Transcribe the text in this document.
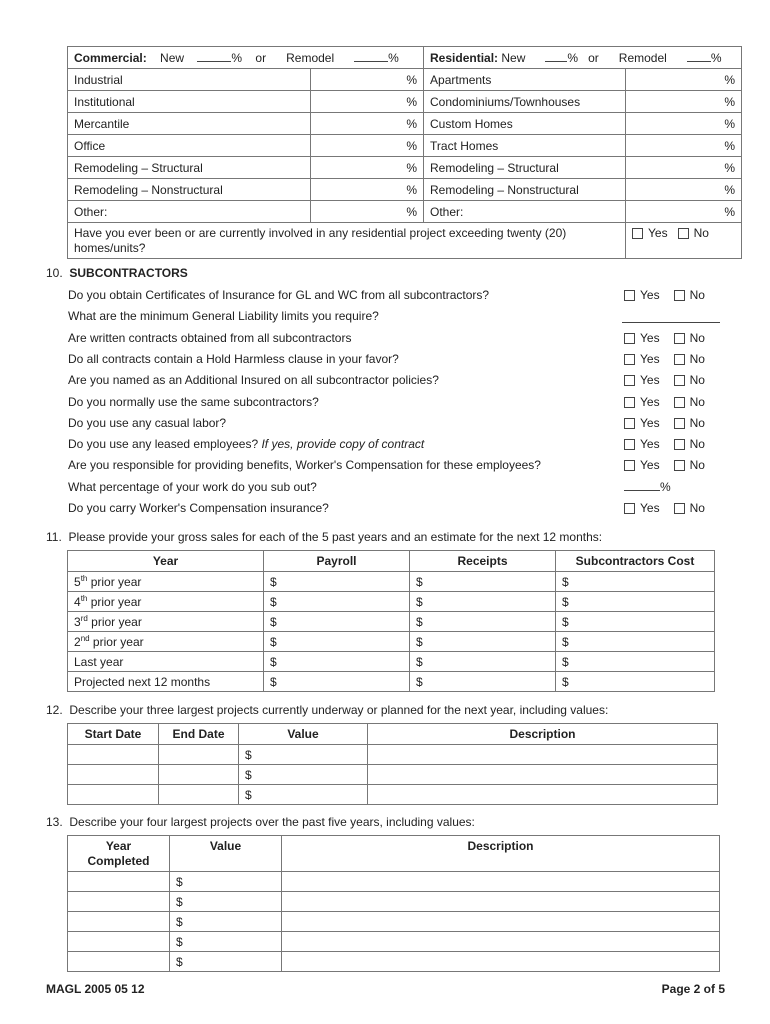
Commercial: New % or Remodel %		Residential: New % or Remodel %	
Industrial	%	Apartments	%
Institutional	%	Condominiums/Townhouses	%
Mercantile	%	Custom Homes	%
Office	%	Tract Homes	%
Remodeling – Structural	%	Remodeling – Structural	%
Remodeling – Nonstructural	%	Remodeling – Nonstructural	%
Other:	%	Other:	%
Have you ever been or are currently involved in any residential project exceeding twenty (20)
homes/units?			Yes No
10. SUBCONTRACTORS
Do you obtain Certificates of Insurance for GL and WC from all subcontractors?	Yes	No
What are the minimum General Liability limits you require?
Are written contracts obtained from all subcontractors	Yes	No
Do all contracts contain a Hold Harmless clause in your favor?	Yes	No
Are you named as an Additional Insured on all subcontractor policies?	Yes	No
Do you normally use the same subcontractors?	Yes	No
Do you use any casual labor?	Yes	No
Do you use any leased employees? If yes, provide copy of contract	Yes	No
Are you responsible for providing benefits, Worker's Compensation for these employees?	Yes	No
What percentage of your work do you sub out?	%
Do you carry Worker's Compensation insurance?	Yes	No
11. Please provide your gross sales for each of the 5 past years and an estimate for the next 12 months:
Year	Payroll	Receipts	Subcontractors Cost
5th prior year	$	$	$
4th prior year	$	$	$
3rd prior year	$	$	$
2nd prior year	$	$	$
Last year	$	$	$
Projected next 12 months	$	$	$
12. Describe your three largest projects currently underway or planned for the next year, including values:
Start Date	End Date	Value	Description
		$	
		$	
		$	
13. Describe your four largest projects over the past five years, including values:
Year
Completed	Value	Description
	$	
	$	
	$	
	$	
	$	
MAGL 2005 05 12	Page 2 of 5
